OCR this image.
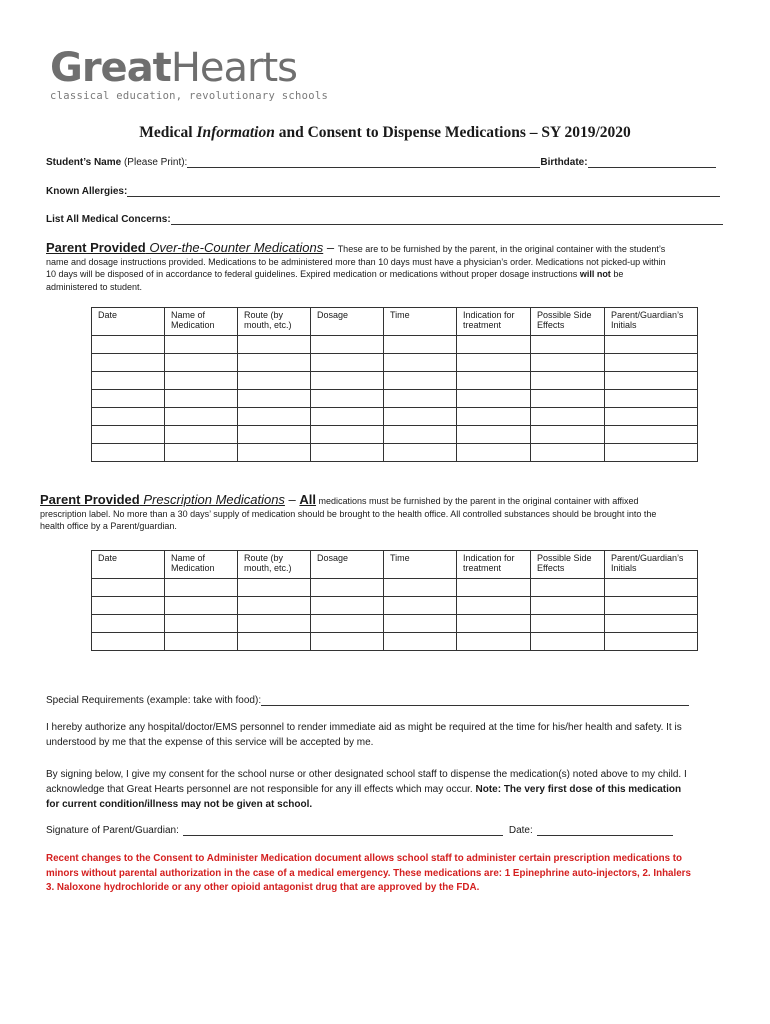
GreatHearts
classical education, revolutionary schools
Medical Information and Consent to Dispense Medications – SY 2019/2020
Student’s Name (Please Print):	Birthdate:
Known Allergies:
List All Medical Concerns:
Parent Provided Over-the-Counter Medications – These are to be furnished by the parent, in the original container with the student’s name and dosage instructions provided. Medications to be administered more than 10 days must have a physician’s order. Medications not picked-up within 10 days will be disposed of in accordance to federal guidelines. Expired medication or medications without proper dosage instructions will not be administered to student.
Date	Name of Medication	Route (by mouth, etc.)	Dosage	Time	Indication for treatment	Possible Side Effects	Parent/Guardian’s Initials

Parent Provided Prescription Medications – All medications must be furnished by the parent in the original container with affixed prescription label. No more than a 30 days’ supply of medication should be brought to the health office. All controlled substances should be brought into the health office by a Parent/guardian.
Date	Name of Medication	Route (by mouth, etc.)	Dosage	Time	Indication for treatment	Possible Side Effects	Parent/Guardian’s Initials

Special Requirements (example: take with food):
I hereby authorize any hospital/doctor/EMS personnel to render immediate aid as might be required at the time for his/her health and safety. It is understood by me that the expense of this service will be accepted by me.
By signing below, I give my consent for the school nurse or other designated school staff to dispense the medication(s) noted above to my child. I acknowledge that Great Hearts personnel are not responsible for any ill effects which may occur. Note: The very first dose of this medication for current condition/illness may not be given at school.
Signature of Parent/Guardian:	Date:
Recent changes to the Consent to Administer Medication document allows school staff to administer certain prescription medications to minors without parental authorization in the case of a medical emergency. These medications are: 1 Epinephrine auto-injectors, 2. Inhalers 3. Naloxone hydrochloride or any other opioid antagonist drug that are approved by the FDA.
